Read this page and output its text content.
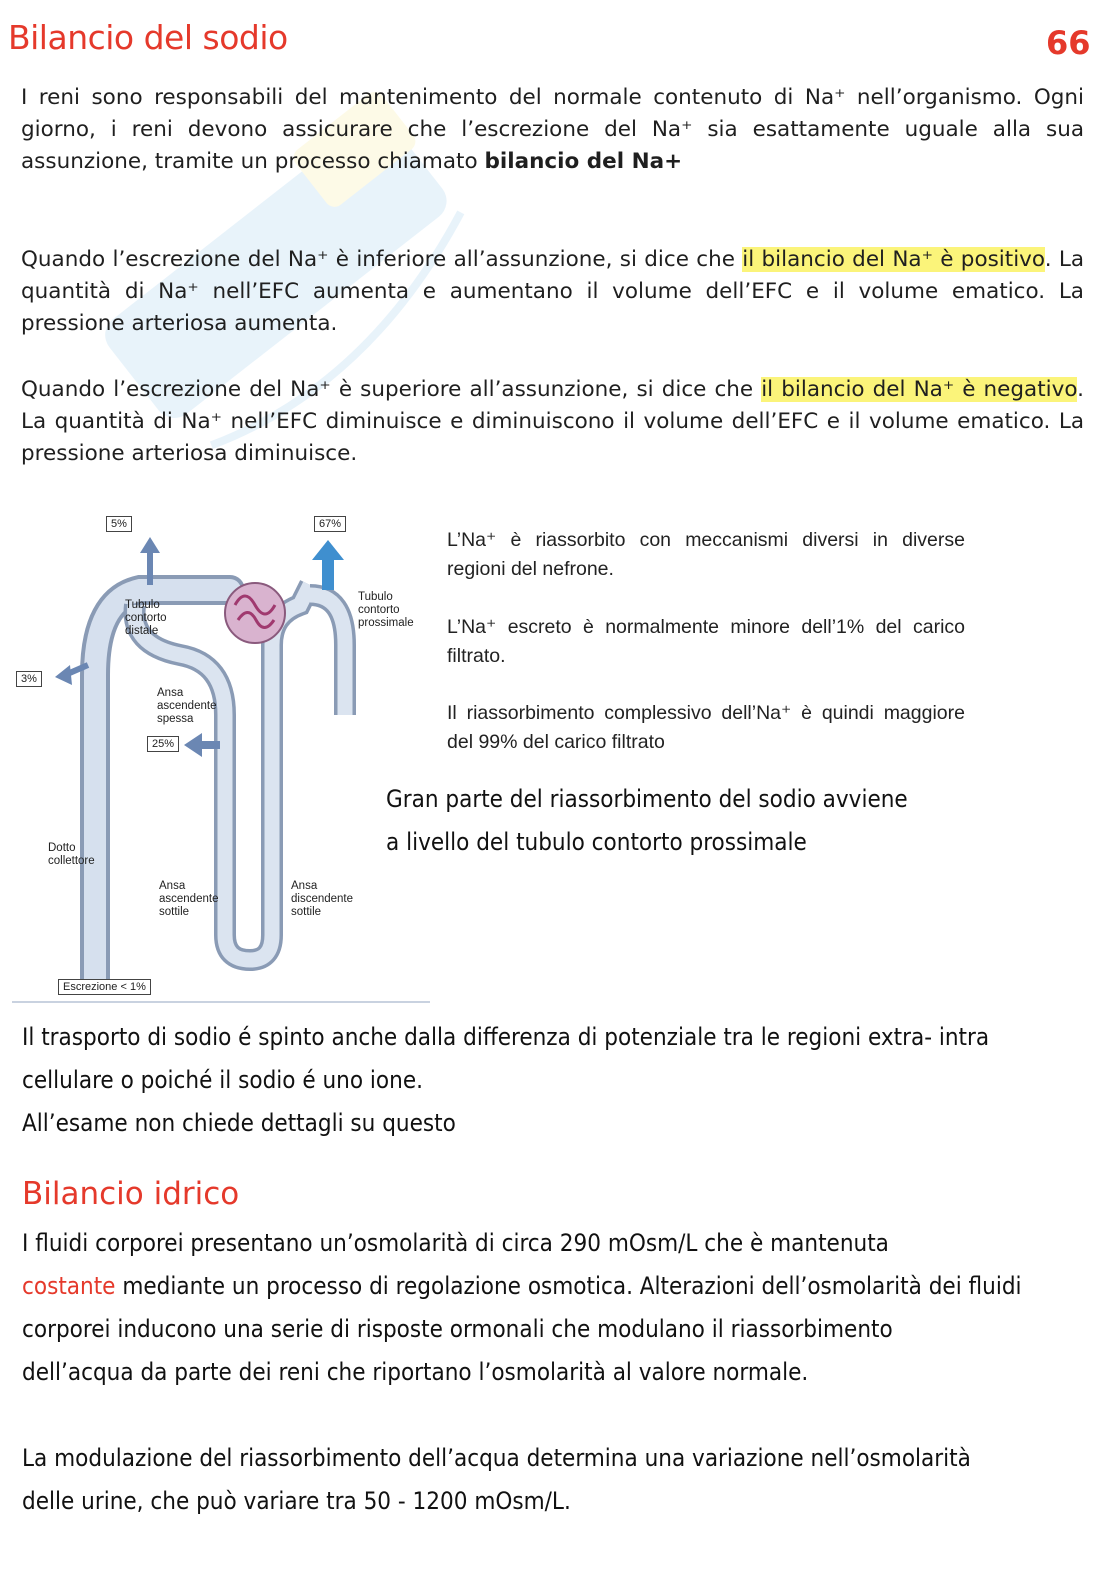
Bilancio del sodio	66

I reni sono responsabili del mantenimento del normale contenuto di Na⁺ nell’organismo. Ogni giorno, i reni devono assicurare che l’escrezione del Na⁺ sia esattamente uguale alla sua assunzione, tramite un processo chiamato bilancio del Na+

Quando l’escrezione del Na⁺ è inferiore all’assunzione, si dice che il bilancio del Na⁺ è positivo. La quantità di Na⁺ nell’EFC aumenta e aumentano il volume dell’EFC e il volume ematico. La pressione arteriosa aumenta.

Quando l’escrezione del Na⁺ è superiore all’assunzione, si dice che il bilancio del Na⁺ è negativo. La quantità di Na⁺ nell’EFC diminuisce e diminuiscono il volume dell’EFC e il volume ematico. La pressione arteriosa diminuisce.

5%	67%
3%
25%
Escrezione < 1%
Tubulo
contorto
distale
Tubulo
contorto
prossimale
Ansa
ascendente
spessa
Dotto
collettore
Ansa
ascendente
sottile
Ansa
discendente
sottile

L’Na⁺ è riassorbito con meccanismi diversi in diverse regioni del nefrone.

L’Na⁺ escreto è normalmente minore dell’1% del carico filtrato.

Il riassorbimento complessivo dell’Na⁺ è quindi maggiore del 99% del carico filtrato

Gran parte del riassorbimento del sodio avviene
a livello del tubulo contorto prossimale
Il trasporto di sodio é spinto anche dalla differenza di potenziale tra le regioni extra- intra
cellulare o poiché il sodio é uno ione.
All’esame non chiede dettagli su questo
Bilancio idrico
I fluidi corporei presentano un’osmolarità di circa 290 mOsm/L che è mantenuta
costante mediante un processo di regolazione osmotica. Alterazioni dell’osmolarità dei fluidi
corporei inducono una serie di risposte ormonali che modulano il riassorbimento
dell’acqua da parte dei reni che riportano l’osmolarità al valore normale.
La modulazione del riassorbimento dell’acqua determina una variazione nell’osmolarità
delle urine, che può variare tra 50 - 1200 mOsm/L.
